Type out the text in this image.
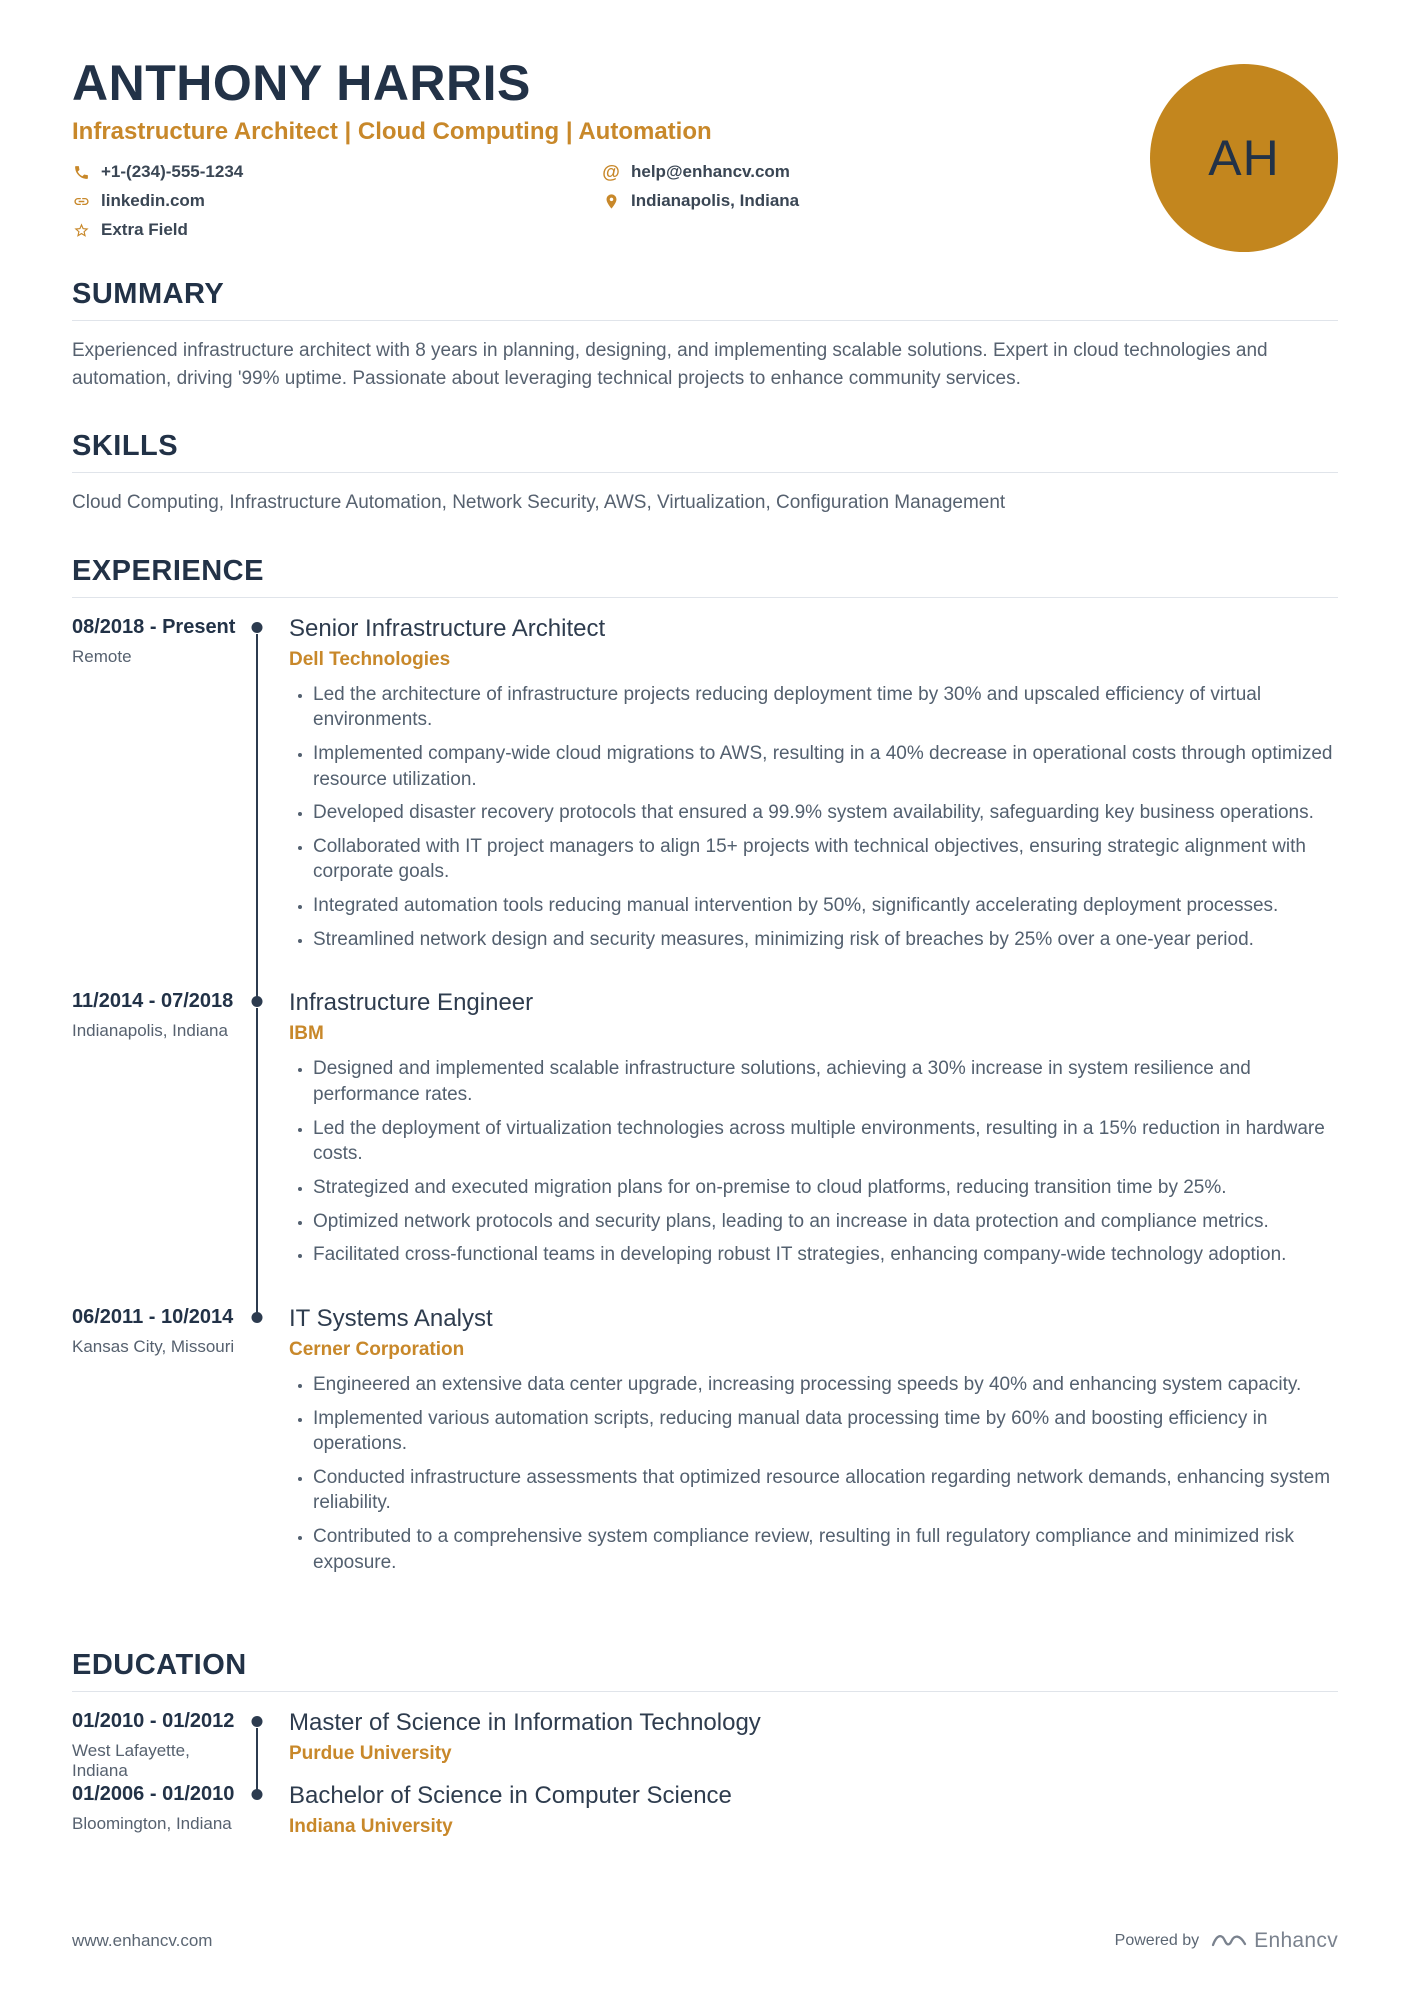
AH
ANTHONY HARRIS
Infrastructure Architect | Cloud Computing | Automation
+1-(234)-555-1234
linkedin.com
Extra Field
@ help@enhancv.com
Indianapolis, Indiana
SUMMARY

Experienced infrastructure architect with 8 years in planning, designing, and implementing scalable solutions. Expert in cloud technologies and automation, driving '99% uptime. Passionate about leveraging technical projects to enhance community services.

SKILLS

Cloud Computing, Infrastructure Automation, Network Security, AWS, Virtualization, Configuration Management

EXPERIENCE
08/2018 - Present
Remote
Senior Infrastructure Architect
Dell Technologies
• Led the architecture of infrastructure projects reducing deployment time by 30% and upscaled efficiency of virtual environments.
• Implemented company-wide cloud migrations to AWS, resulting in a 40% decrease in operational costs through optimized resource utilization.
• Developed disaster recovery protocols that ensured a 99.9% system availability, safeguarding key business operations.
• Collaborated with IT project managers to align 15+ projects with technical objectives, ensuring strategic alignment with corporate goals.
• Integrated automation tools reducing manual intervention by 50%, significantly accelerating deployment processes.
• Streamlined network design and security measures, minimizing risk of breaches by 25% over a one-year period.
11/2014 - 07/2018
Indianapolis, Indiana
Infrastructure Engineer
IBM
• Designed and implemented scalable infrastructure solutions, achieving a 30% increase in system resilience and performance rates.
• Led the deployment of virtualization technologies across multiple environments, resulting in a 15% reduction in hardware costs.
• Strategized and executed migration plans for on-premise to cloud platforms, reducing transition time by 25%.
• Optimized network protocols and security plans, leading to an increase in data protection and compliance metrics.
• Facilitated cross-functional teams in developing robust IT strategies, enhancing company-wide technology adoption.
06/2011 - 10/2014
Kansas City, Missouri
IT Systems Analyst
Cerner Corporation
• Engineered an extensive data center upgrade, increasing processing speeds by 40% and enhancing system capacity.
• Implemented various automation scripts, reducing manual data processing time by 60% and boosting efficiency in operations.
• Conducted infrastructure assessments that optimized resource allocation regarding network demands, enhancing system reliability.
• Contributed to a comprehensive system compliance review, resulting in full regulatory compliance and minimized risk exposure.
EDUCATION
01/2010 - 01/2012
West Lafayette, Indiana
Master of Science in Information Technology
Purdue University
01/2006 - 01/2010
Bloomington, Indiana
Bachelor of Science in Computer Science
Indiana University
www.enhancv.com	Powered by	Enhancv
